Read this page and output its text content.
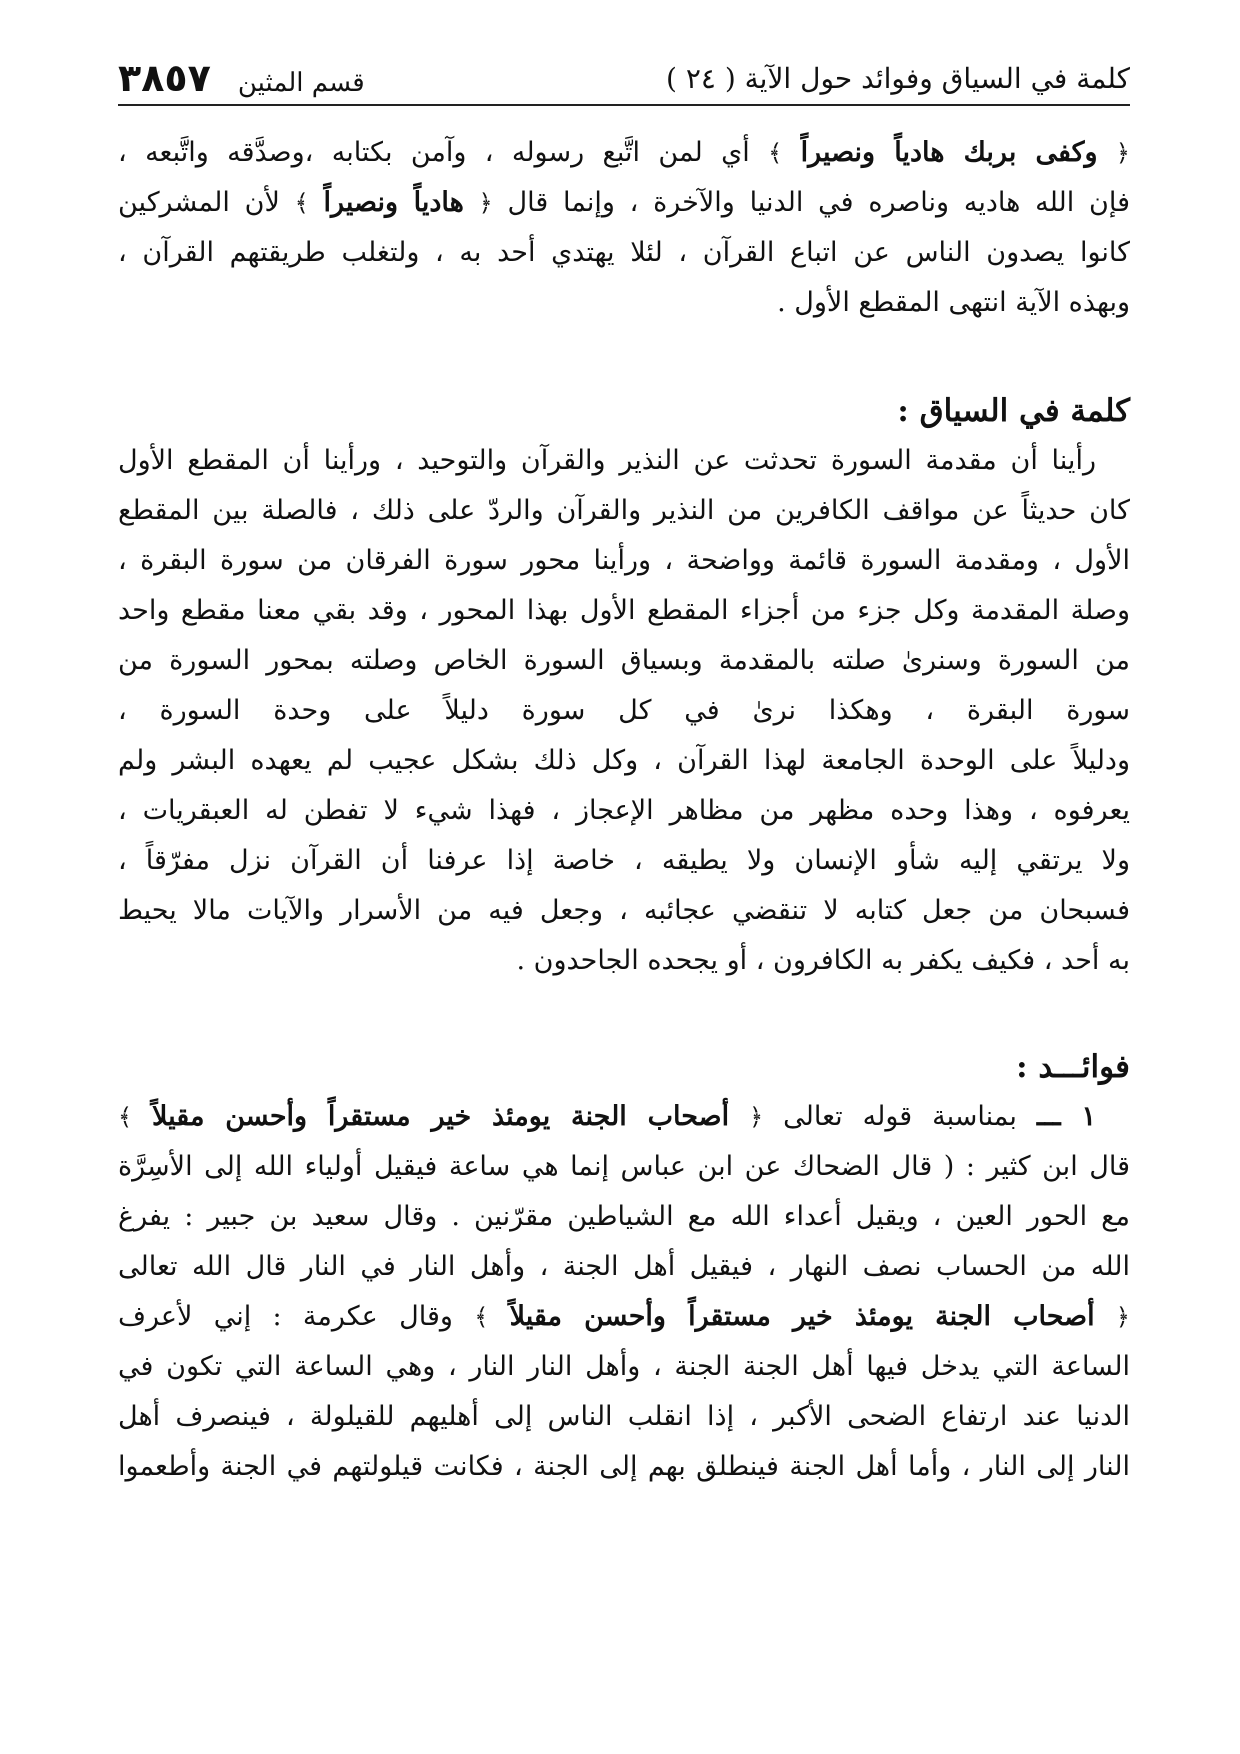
كلمة في السياق وفوائد حول الآية ( ٢٤ )
قسم المثين ٣٨٥٧

﴿ وكفى بربك هادياً ونصيراً ﴾ أي لمن اتَّبع رسوله ، وآمن بكتابه ،وصدَّقه واتَّبعه ،
فإن الله هاديه وناصره في الدنيا والآخرة ، وإنما قال ﴿ هادياً ونصيراً ﴾ لأن المشركين
كانوا يصدون الناس عن اتباع القرآن ، لئلا يهتدي أحد به ، ولتغلب طريقتهم القرآن ،
وبهذه الآية انتهى المقطع الأول .

كلمة في السياق :

رأينا أن مقدمة السورة تحدثت عن النذير والقرآن والتوحيد ، ورأينا أن المقطع الأول
كان حديثاً عن مواقف الكافرين من النذير والقرآن والردّ على ذلك ، فالصلة بين المقطع
الأول ، ومقدمة السورة قائمة وواضحة ، ورأينا محور سورة الفرقان من سورة البقرة ،
وصلة المقدمة وكل جزء من أجزاء المقطع الأول بهذا المحور ، وقد بقي معنا مقطع واحد
من السورة وسنرىٰ صلته بالمقدمة وبسياق السورة الخاص وصلته بمحور السورة من
سورة البقرة ، وهكذا نرىٰ في كل سورة دليلاً على وحدة السورة ،
ودليلاً على الوحدة الجامعة لهذا القرآن ، وكل ذلك بشكل عجيب لم يعهده البشر ولم
يعرفوه ، وهذا وحده مظهر من مظاهر الإعجاز ، فهذا شيء لا تفطن له العبقريات ،
ولا يرتقي إليه شأو الإنسان ولا يطيقه ، خاصة إذا عرفنا أن القرآن نزل مفرّقاً ،
فسبحان من جعل كتابه لا تنقضي عجائبه ، وجعل فيه من الأسرار والآيات مالا يحيط
به أحد ، فكيف يكفر به الكافرون ، أو يجحده الجاحدون .

فوائـــد :

١ ـــ بمناسبة قوله تعالى ﴿ أصحاب الجنة يومئذ خير مستقراً وأحسن مقيلاً ﴾
قال ابن كثير : ( قال الضحاك عن ابن عباس إنما هي ساعة فيقيل أولياء الله إلى الأسِرَّة
مع الحور العين ، ويقيل أعداء الله مع الشياطين مقرّنين . وقال سعيد بن جبير : يفرغ
الله من الحساب نصف النهار ، فيقيل أهل الجنة ، وأهل النار في النار قال الله تعالى
﴿ أصحاب الجنة يومئذ خير مستقراً وأحسن مقيلاً ﴾ وقال عكرمة : إني لأعرف
الساعة التي يدخل فيها أهل الجنة الجنة ، وأهل النار النار ، وهي الساعة التي تكون في
الدنيا عند ارتفاع الضحى الأكبر ، إذا انقلب الناس إلى أهليهم للقيلولة ، فينصرف أهل
النار إلى النار ، وأما أهل الجنة فينطلق بهم إلى الجنة ، فكانت قيلولتهم في الجنة وأطعموا
